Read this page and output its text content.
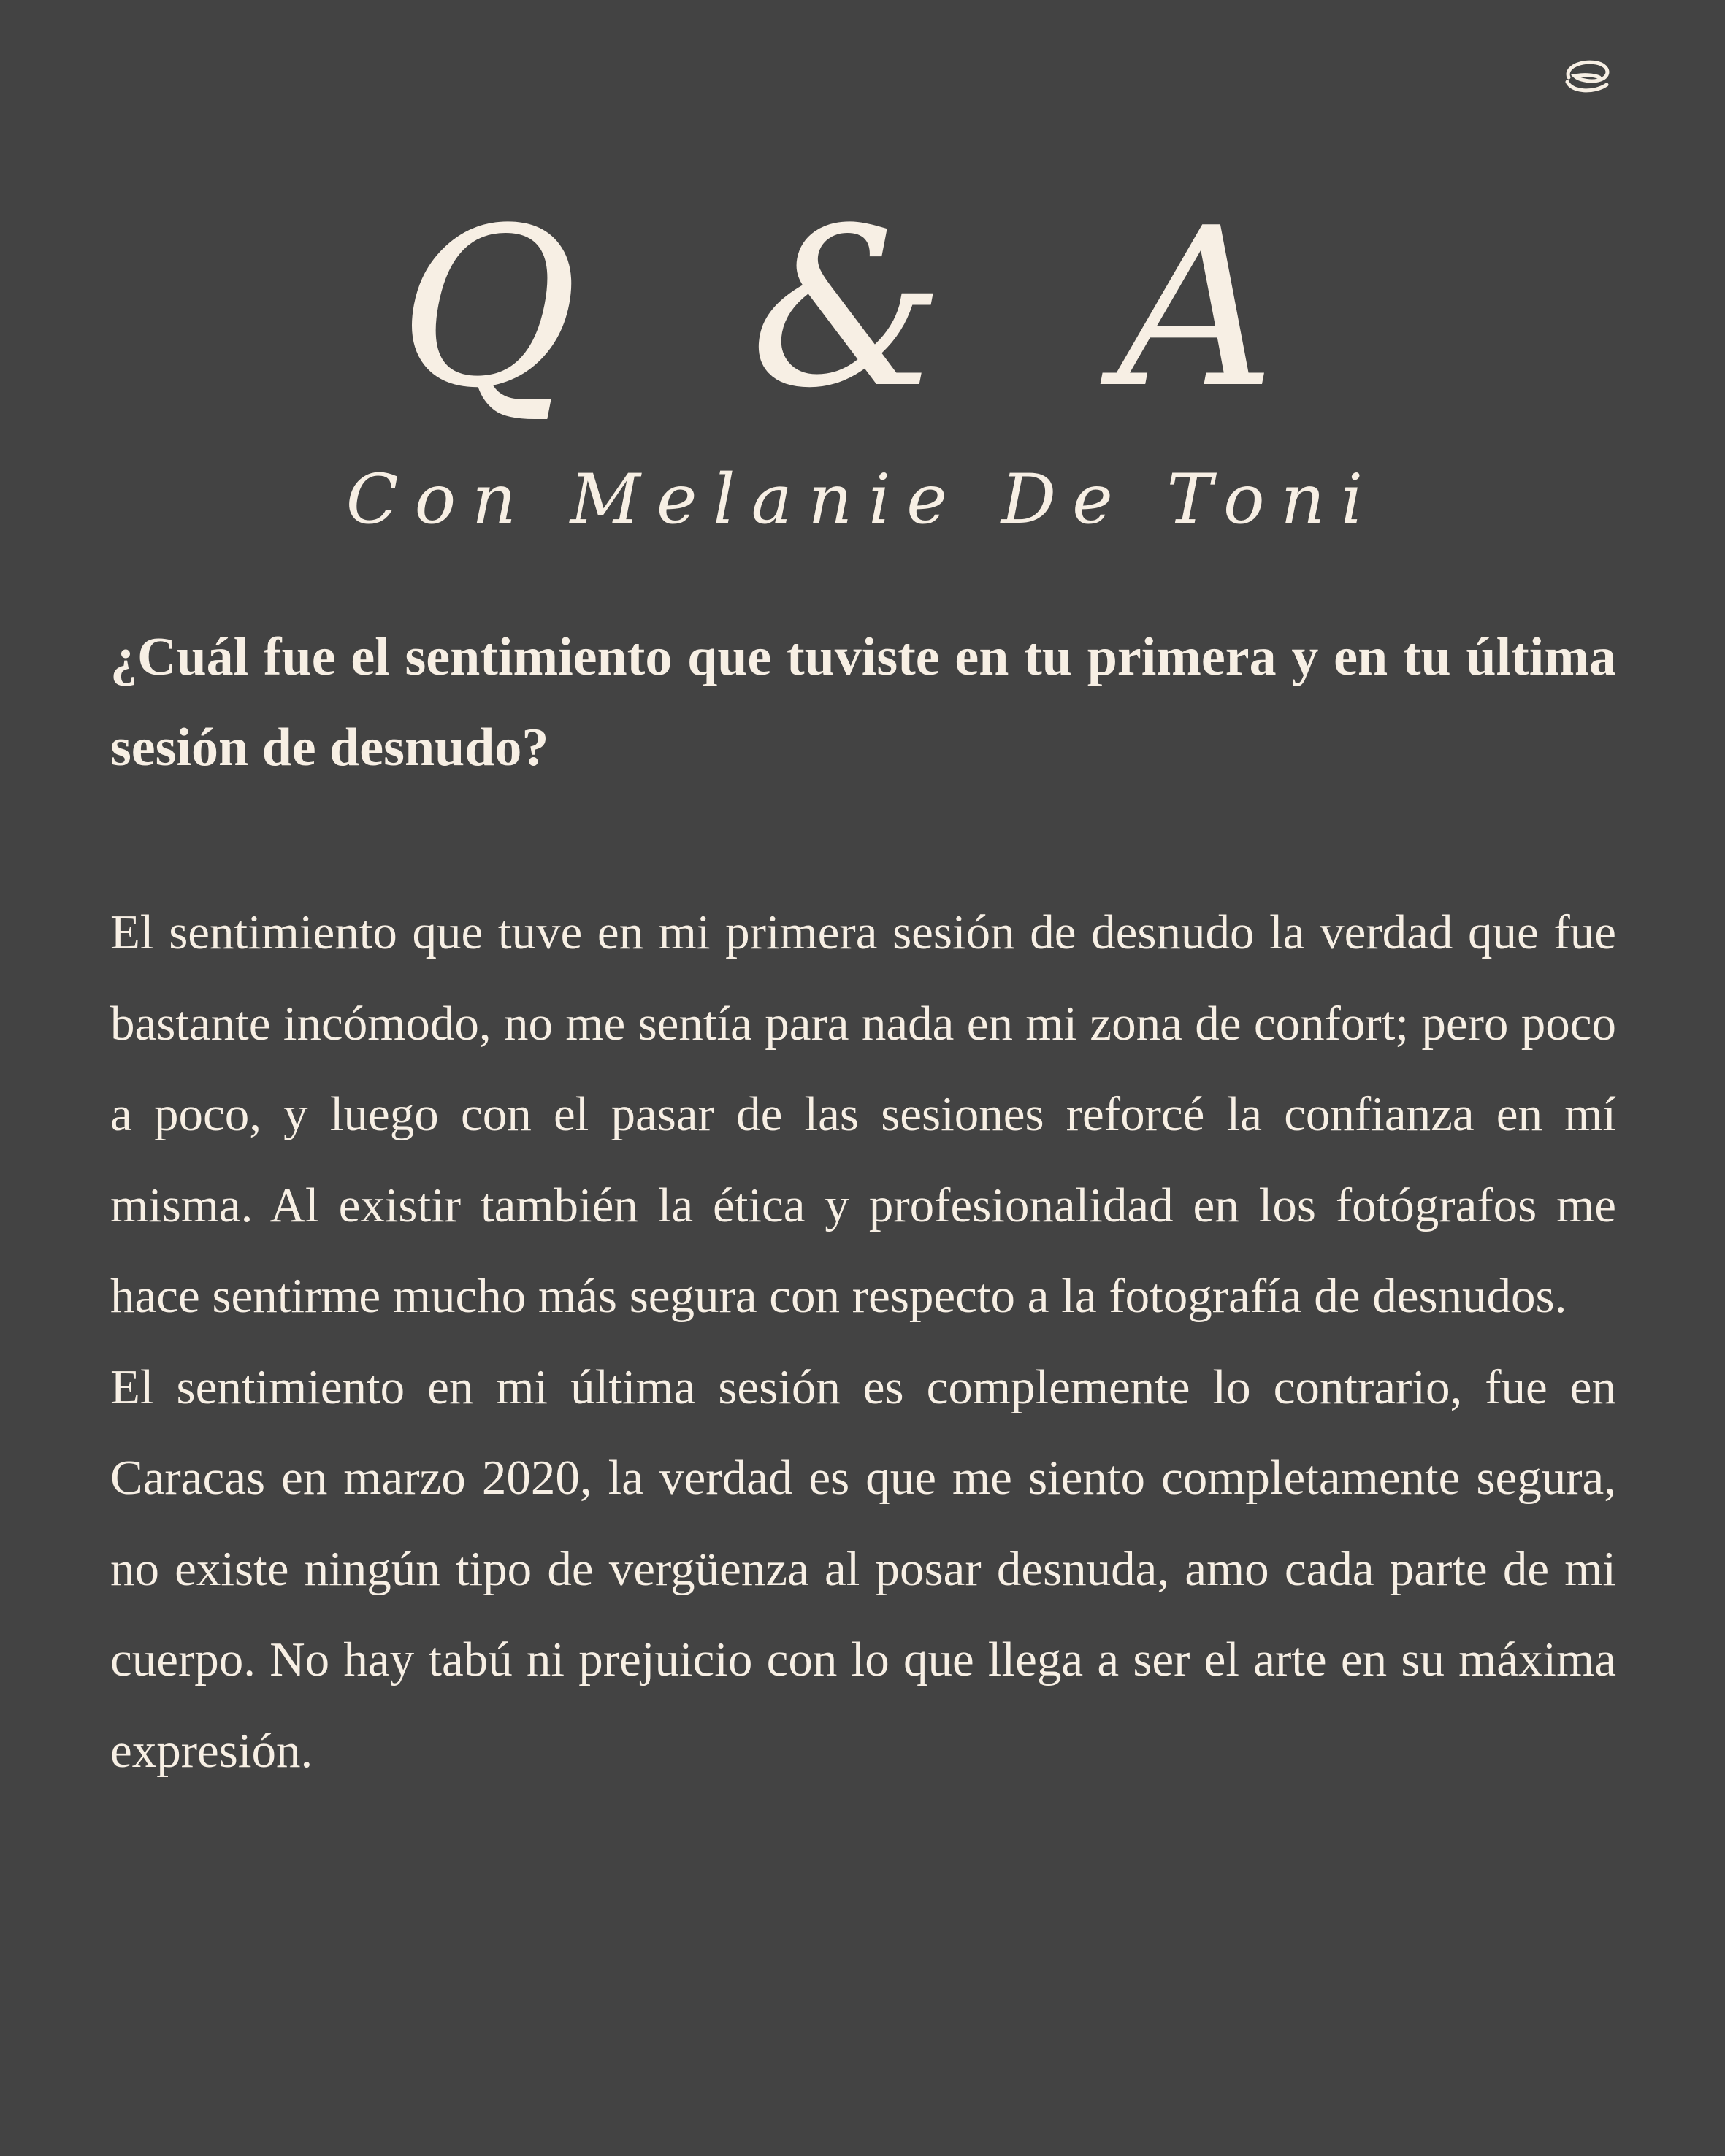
Q & A
Con Melanie De Toni
¿Cuál fue el sentimiento que tuviste en tu primera y en tu última sesión de desnudo?

El sentimiento que tuve en mi primera sesión de desnudo la verdad que fue bastante incómodo, no me sentía para nada en mi zona de confort; pero poco a poco, y luego con el pasar de las sesiones reforcé la confianza en mí misma. Al existir también la ética y profesionalidad en los fotógrafos me hace sentirme mucho más segura con respecto a la fotografía de desnudos.

El sentimiento en mi última sesión es complemente lo contrario, fue en Caracas en marzo 2020, la verdad es que me siento completamente segura, no existe ningún tipo de vergüenza al posar desnuda, amo cada parte de mi cuerpo. No hay tabú ni prejuicio con lo que llega a ser el arte en su máxima expresión.
